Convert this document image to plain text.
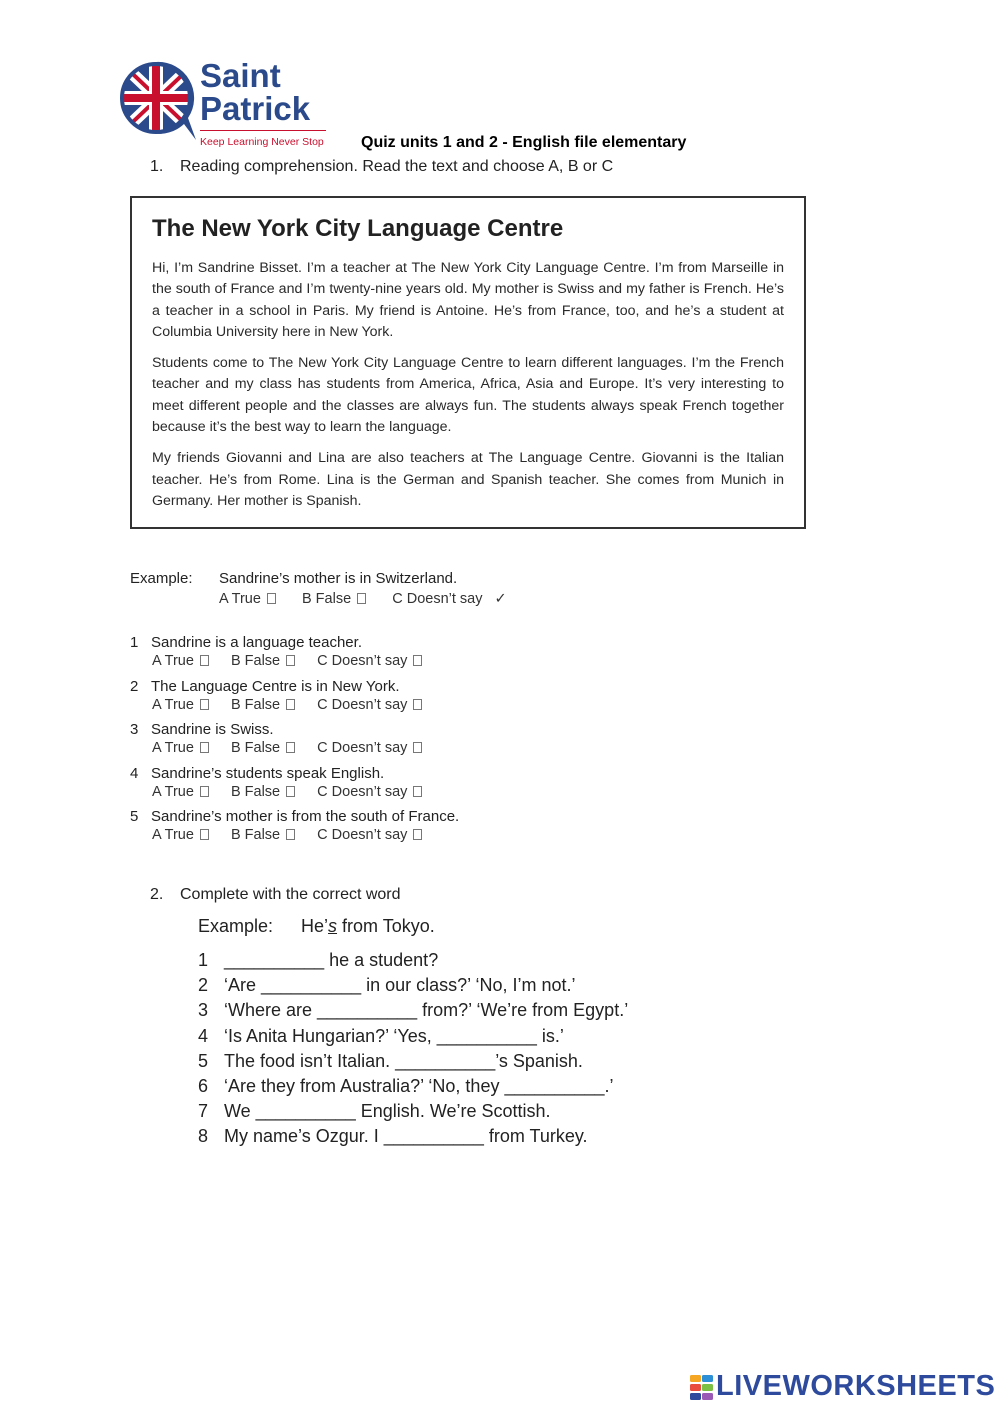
Saint
Patrick
Keep Learning Never Stop Quiz units 1 and 2 - English file elementary
1. Reading comprehension. Read the text and choose A, B or C
The New York City Language Centre

Hi, I’m Sandrine Bisset. I’m a teacher at The New York City Language Centre. I’m from Marseille in the south of France and I’m twenty-nine years old. My mother is Swiss and my father is French. He’s a teacher in a school in Paris. My friend is Antoine. He’s from France, too, and he’s a student at Columbia University here in New York.

Students come to The New York City Language Centre to learn different languages. I’m the French teacher and my class has students from America, Africa, Asia and Europe. It’s very interesting to meet different people and the classes are always fun. The students always speak French together because it’s the best way to learn the language.

My friends Giovanni and Lina are also teachers at The Language Centre. Giovanni is the Italian teacher. He’s from Rome. Lina is the German and Spanish teacher. She comes from Munich in Germany. Her mother is Spanish.

Example: Sandrine’s mother is in Switzerland.
A True	B False	C Doesn’t say ✓
1 Sandrine is a language teacher.
A True	B False	C Doesn’t say
2 The Language Centre is in New York.
A True	B False	C Doesn’t say
3 Sandrine is Swiss.
A True	B False	C Doesn’t say
4 Sandrine’s students speak English.
A True	B False	C Doesn’t say
5 Sandrine’s mother is from the south of France.
A True	B False	C Doesn’t say
2. Complete with the correct word
Example: He’s from Tokyo.
1 __________ he a student?
2 ‘Are __________ in our class?’ ‘No, I’m not.’
3 ‘Where are __________ from?’ ‘We’re from Egypt.’
4 ‘Is Anita Hungarian?’ ‘Yes, __________ is.’
5 The food isn’t Italian. __________’s Spanish.
6 ‘Are they from Australia?’ ‘No, they __________.’
7 We __________ English. We’re Scottish.
8 My name’s Ozgur. I __________ from Turkey.
LIVEWORKSHEETS
